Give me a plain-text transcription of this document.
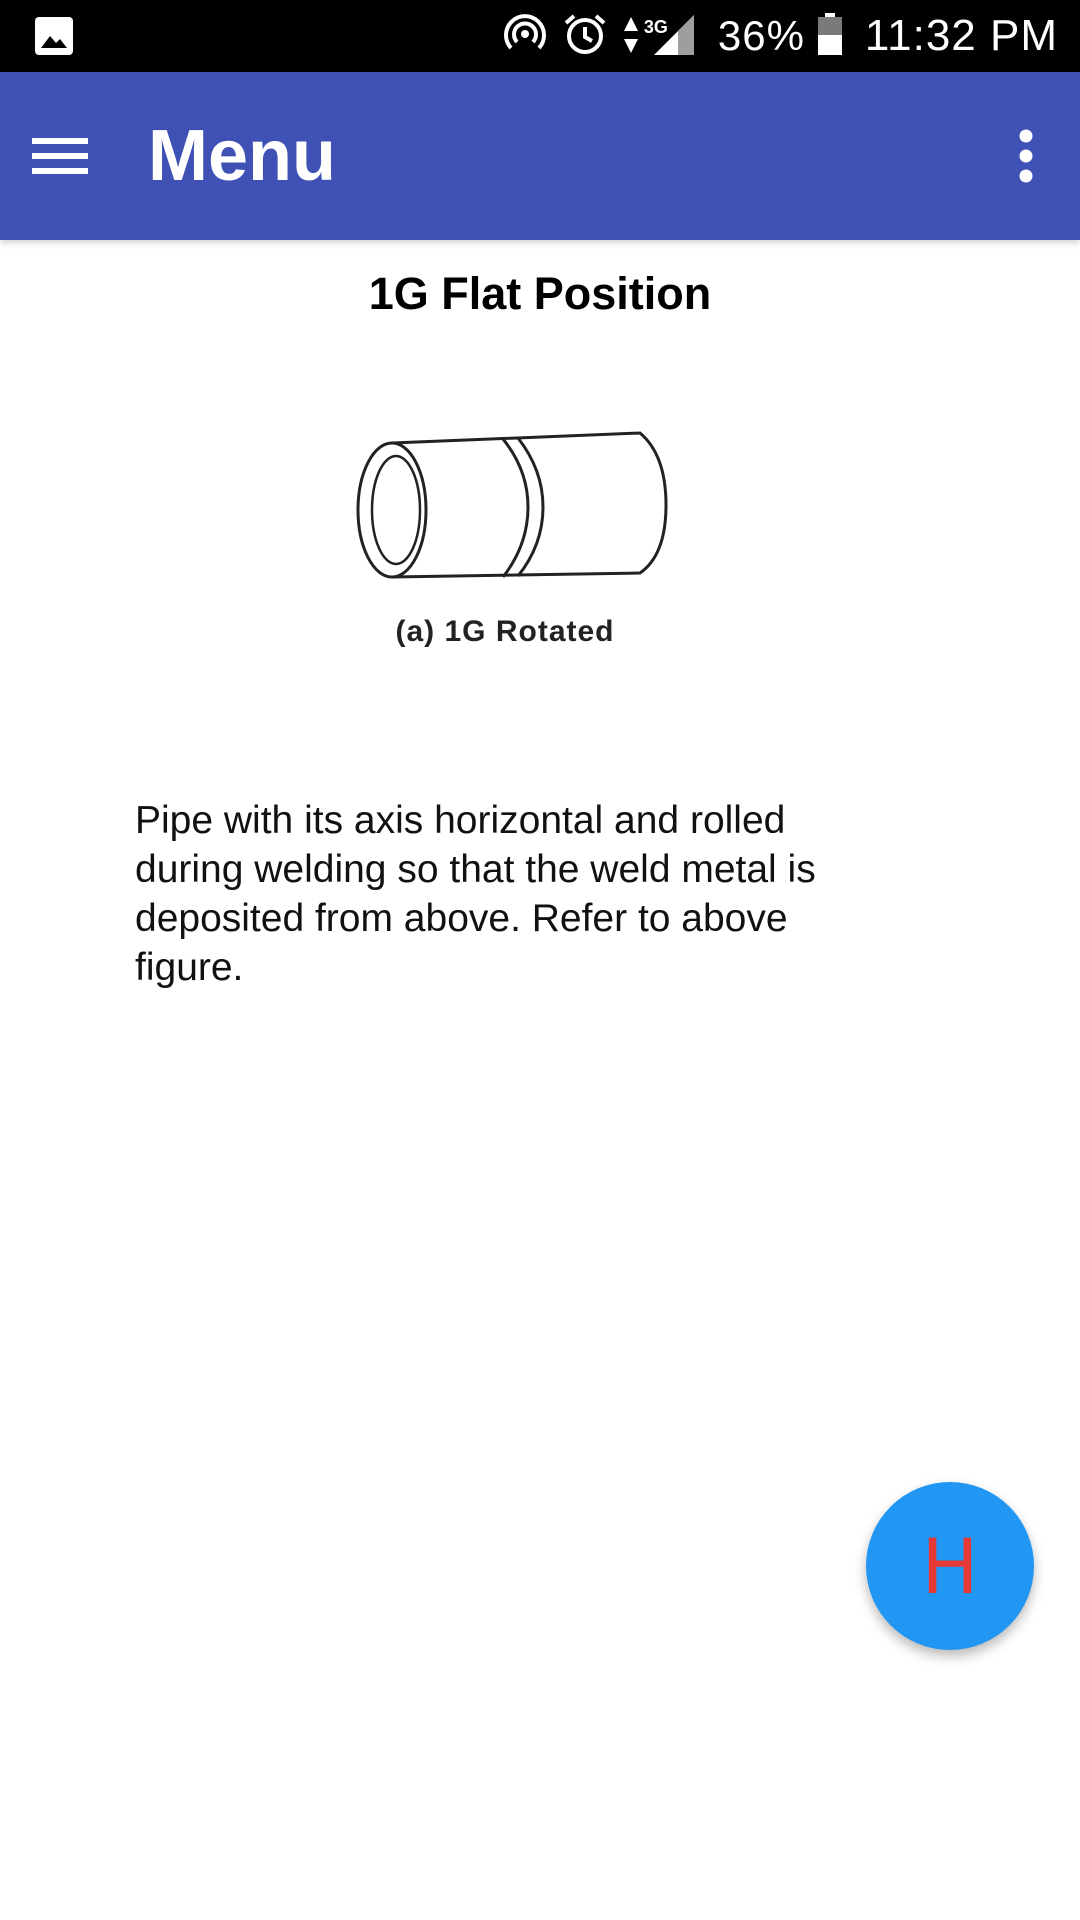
3G 36% 11:32 PM
Menu
1G Flat Position
(a) 1G Rotated
Pipe with its axis horizontal and rolled during welding so that the weld metal is deposited from above. Refer to above figure.
H
